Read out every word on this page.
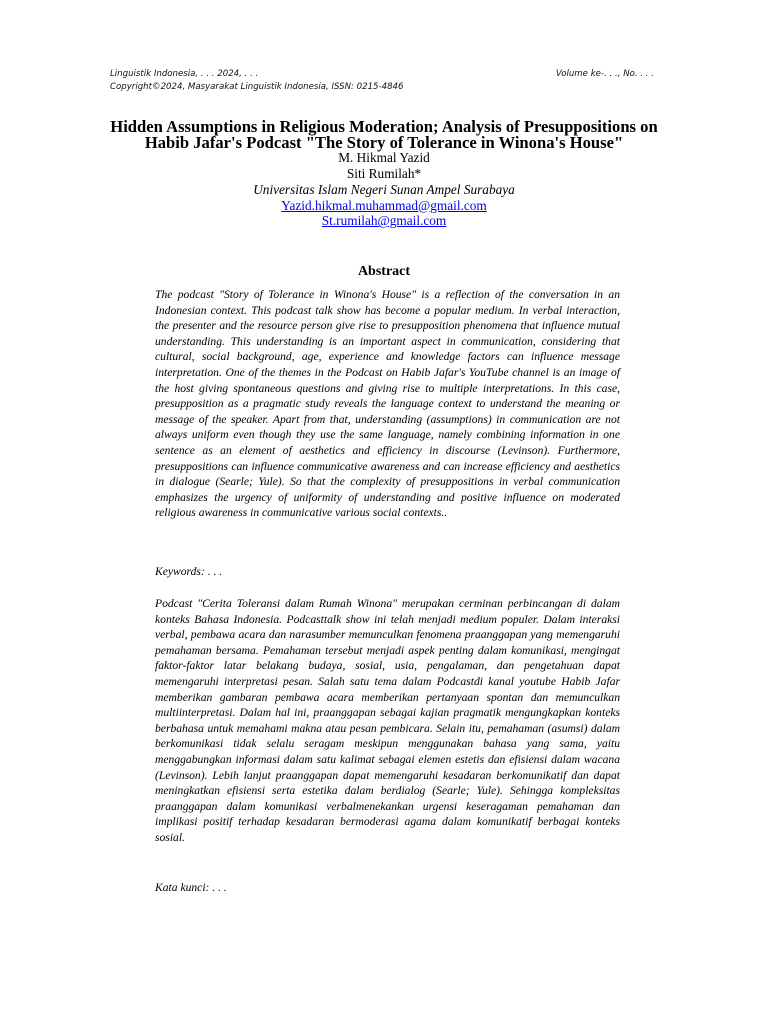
Linguistik Indonesia, . . . 2024, . . .	Volume ke-. . ., No. . . .
Copyright©2024, Masyarakat Linguistik Indonesia, ISSN: 0215-4846
Hidden Assumptions in Religious Moderation; Analysis of Presuppositions on Habib Jafar's Podcast "The Story of Tolerance in Winona's House"
M. Hikmal Yazid
Siti Rumilah*
Universitas Islam Negeri Sunan Ampel Surabaya
Yazid.hikmal.muhammad@gmail.com
St.rumilah@gmail.com
Abstract

The podcast "Story of Tolerance in Winona's House" is a reflection of the conversation in an Indonesian context. This podcast talk show has become a popular medium. In verbal interaction, the presenter and the resource person give rise to presupposition phenomena that influence mutual understanding. This understanding is an important aspect in communication, considering that cultural, social background, age, experience and knowledge factors can influence message interpretation. One of the themes in the Podcast on Habib Jafar's YouTube channel is an image of the host giving spontaneous questions and giving rise to multiple interpretations. In this case, presupposition as a pragmatic study reveals the language context to understand the meaning or message of the speaker. Apart from that, understanding (assumptions) in communication are not always uniform even though they use the same language, namely combining information in one sentence as an element of aesthetics and efficiency in discourse (Levinson). Furthermore, presuppositions can influence communicative awareness and can increase efficiency and aesthetics in dialogue (Searle; Yule). So that the complexity of presuppositions in verbal communication emphasizes the urgency of uniformity of understanding and positive influence on moderated religious awareness in communicative various social contexts..

Keywords: . . .

Podcast "Cerita Toleransi dalam Rumah Winona" merupakan cerminan perbincangan di dalam konteks Bahasa Indonesia. Podcasttalk show ini telah menjadi medium populer. Dalam interaksi verbal, pembawa acara dan narasumber memunculkan fenomena praanggapan yang memengaruhi pemahaman bersama. Pemahaman tersebut menjadi aspek penting dalam komunikasi, mengingat faktor-faktor latar belakang budaya, sosial, usia, pengalaman, dan pengetahuan dapat memengaruhi interpretasi pesan. Salah satu tema dalam Podcastdi kanal youtube Habib Jafar memberikan gambaran pembawa acara memberikan pertanyaan spontan dan memunculkan multiinterpretasi. Dalam hal ini, praanggapan sebagai kajian pragmatik mengungkapkan konteks berbahasa untuk memahami makna atau pesan pembicara. Selain itu, pemahaman (asumsi) dalam berkomunikasi tidak selalu seragam meskipun menggunakan bahasa yang sama, yaitu menggabungkan informasi dalam satu kalimat sebagai elemen estetis dan efisiensi dalam wacana (Levinson). Lebih lanjut praanggapan dapat memengaruhi kesadaran berkomunikatif dan dapat meningkatkan efisiensi serta estetika dalam berdialog (Searle; Yule). Sehingga kompleksitas praanggapan dalam komunikasi verbalmenekankan urgensi keseragaman pemahaman dan implikasi positif terhadap kesadaran bermoderasi agama dalam komunikatif berbagai konteks sosial.

Kata kunci: . . .
